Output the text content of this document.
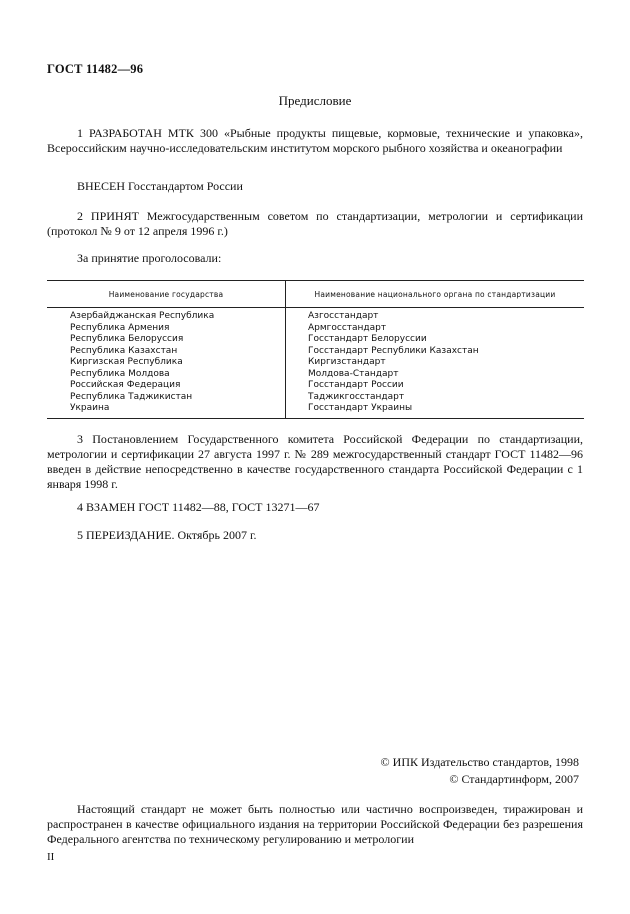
ГОСТ 11482—96
Предисловие
1 РАЗРАБОТАН МТК 300 «Рыбные продукты пищевые, кормовые, технические и упаковка», Всероссийским научно-исследовательским институтом морского рыбного хозяйства и океанографии
ВНЕСЕН Госстандартом России
2 ПРИНЯТ Межгосударственным советом по стандартизации, метрологии и сертификации (протокол № 9 от 12 апреля 1996 г.)
За принятие проголосовали:
Наименование государства	Наименование национального органа по стандартизации
Азербайджанская Республика	Азгосстандарт
Республика Армения	Армгосстандарт
Республика Белоруссия	Госстандарт Белоруссии
Республика Казахстан	Госстандарт Республики Казахстан
Киргизская Республика	Киргизстандарт
Республика Молдова	Молдова-Стандарт
Российская Федерация	Госстандарт России
Республика Таджикистан	Таджикгосстандарт
Украина	Госстандарт Украины
3 Постановлением Государственного комитета Российской Федерации по стандартизации, метрологии и сертификации 27 августа 1997 г. № 289 межгосударственный стандарт ГОСТ 11482—96 введен в действие непосредственно в качестве государственного стандарта Российской Федерации с 1 января 1998 г.
4 ВЗАМЕН ГОСТ 11482—88, ГОСТ 13271—67
5 ПЕРЕИЗДАНИЕ. Октябрь 2007 г.
© ИПК Издательство стандартов, 1998
© Стандартинформ, 2007
Настоящий стандарт не может быть полностью или частично воспроизведен, тиражирован и распространен в качестве официального издания на территории Российской Федерации без разрешения Федерального агентства по техническому регулированию и метрологии
II
